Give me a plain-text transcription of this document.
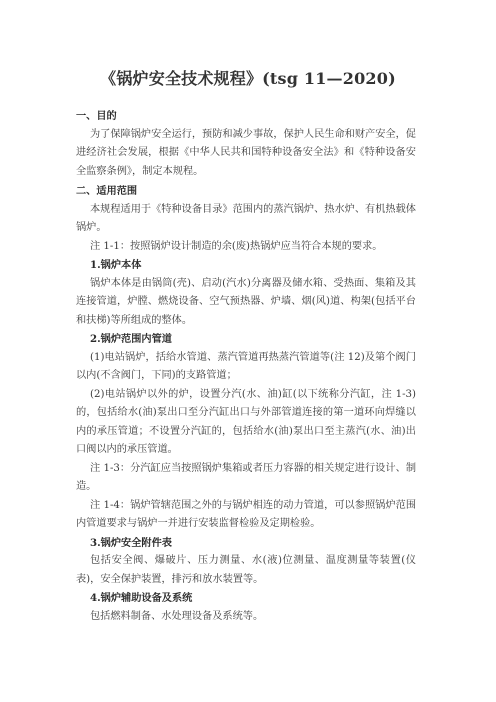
《锅炉安全技术规程》(tsg 11—2020)

一、目的

为了保障锅炉安全运行，预防和减少事故，保护人民生命和财产安全，促进经济社会发展，根据《中华人民共和国特种设备安全法》和《特种设备安全监察条例》，制定本规程。

二、适用范围

本规程适用于《特种设备目录》范围内的蒸汽锅炉、热水炉、有机热载体锅炉。

注 1-1：按照锅炉设计制造的余(废)热锅炉应当符合本规的要求。

1.锅炉本体

锅炉本体是由锅筒(壳)、启动(汽水)分离器及储水箱、受热面、集箱及其连接管道，炉膛、燃烧设备、空气预热器、炉墙、烟(风)道、构架(包括平台和扶梯)等所组成的整体。

2.锅炉范围内管道

(1)电站锅炉，括给水管道、蒸汽管道再热蒸汽管道等(注 12)及第个阀门以内(不含阀门，下同)的支路管道；

(2)电站锅炉以外的炉，设置分汽(水、油)缸(以下统称分汽缸，注 1-3)的，包括给水(油)泵出口至分汽缸出口与外部管道连接的第一道环向焊缝以内的承压管道；不设置分汽缸的，包括给水(油)泵出口至主蒸汽(水、油)出口阀以内的承压管道。

注 1-3：分汽缸应当按照锅炉集箱或者压力容器的相关规定进行设计、制造。

注 1-4：锅炉管辖范围之外的与锅炉相连的动力管道，可以参照锅炉范围内管道要求与锅炉一并进行安装监督检验及定期检验。

3.锅炉安全附件表

包括安全阀、爆破片、压力测量、水(液)位测量、温度测量等装置(仪表)，安全保护装置，排污和放水装置等。

4.锅炉辅助设备及系统

包括燃料制备、水处理设备及系统等。
